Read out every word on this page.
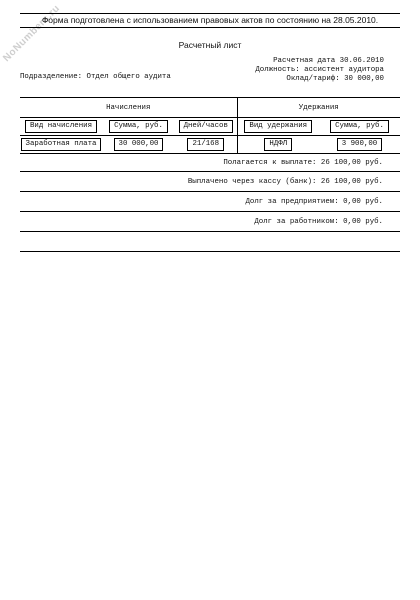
NoNumbers.ru
Форма подготовлена с использованием правовых актов по состоянию на 28.05.2010.
Расчетный лист
Расчетная дата 30.06.2010
Должность: ассистент аудитора
Оклад/тариф: 30 000,00
Подразделение: Отдел общего аудита
Начисления			Удержания	
Вид начисления	Сумма, руб.	Дней/часов	Вид удержания	Сумма, руб.
Заработная плата	30 000,00	21/168	НДФЛ	3 900,00
Полагается к выплате: 26 100,00 руб.
Выплачено через кассу (банк): 26 100,00 руб.
Долг за предприятием: 0,00 руб.
Долг за работником: 0,00 руб.
